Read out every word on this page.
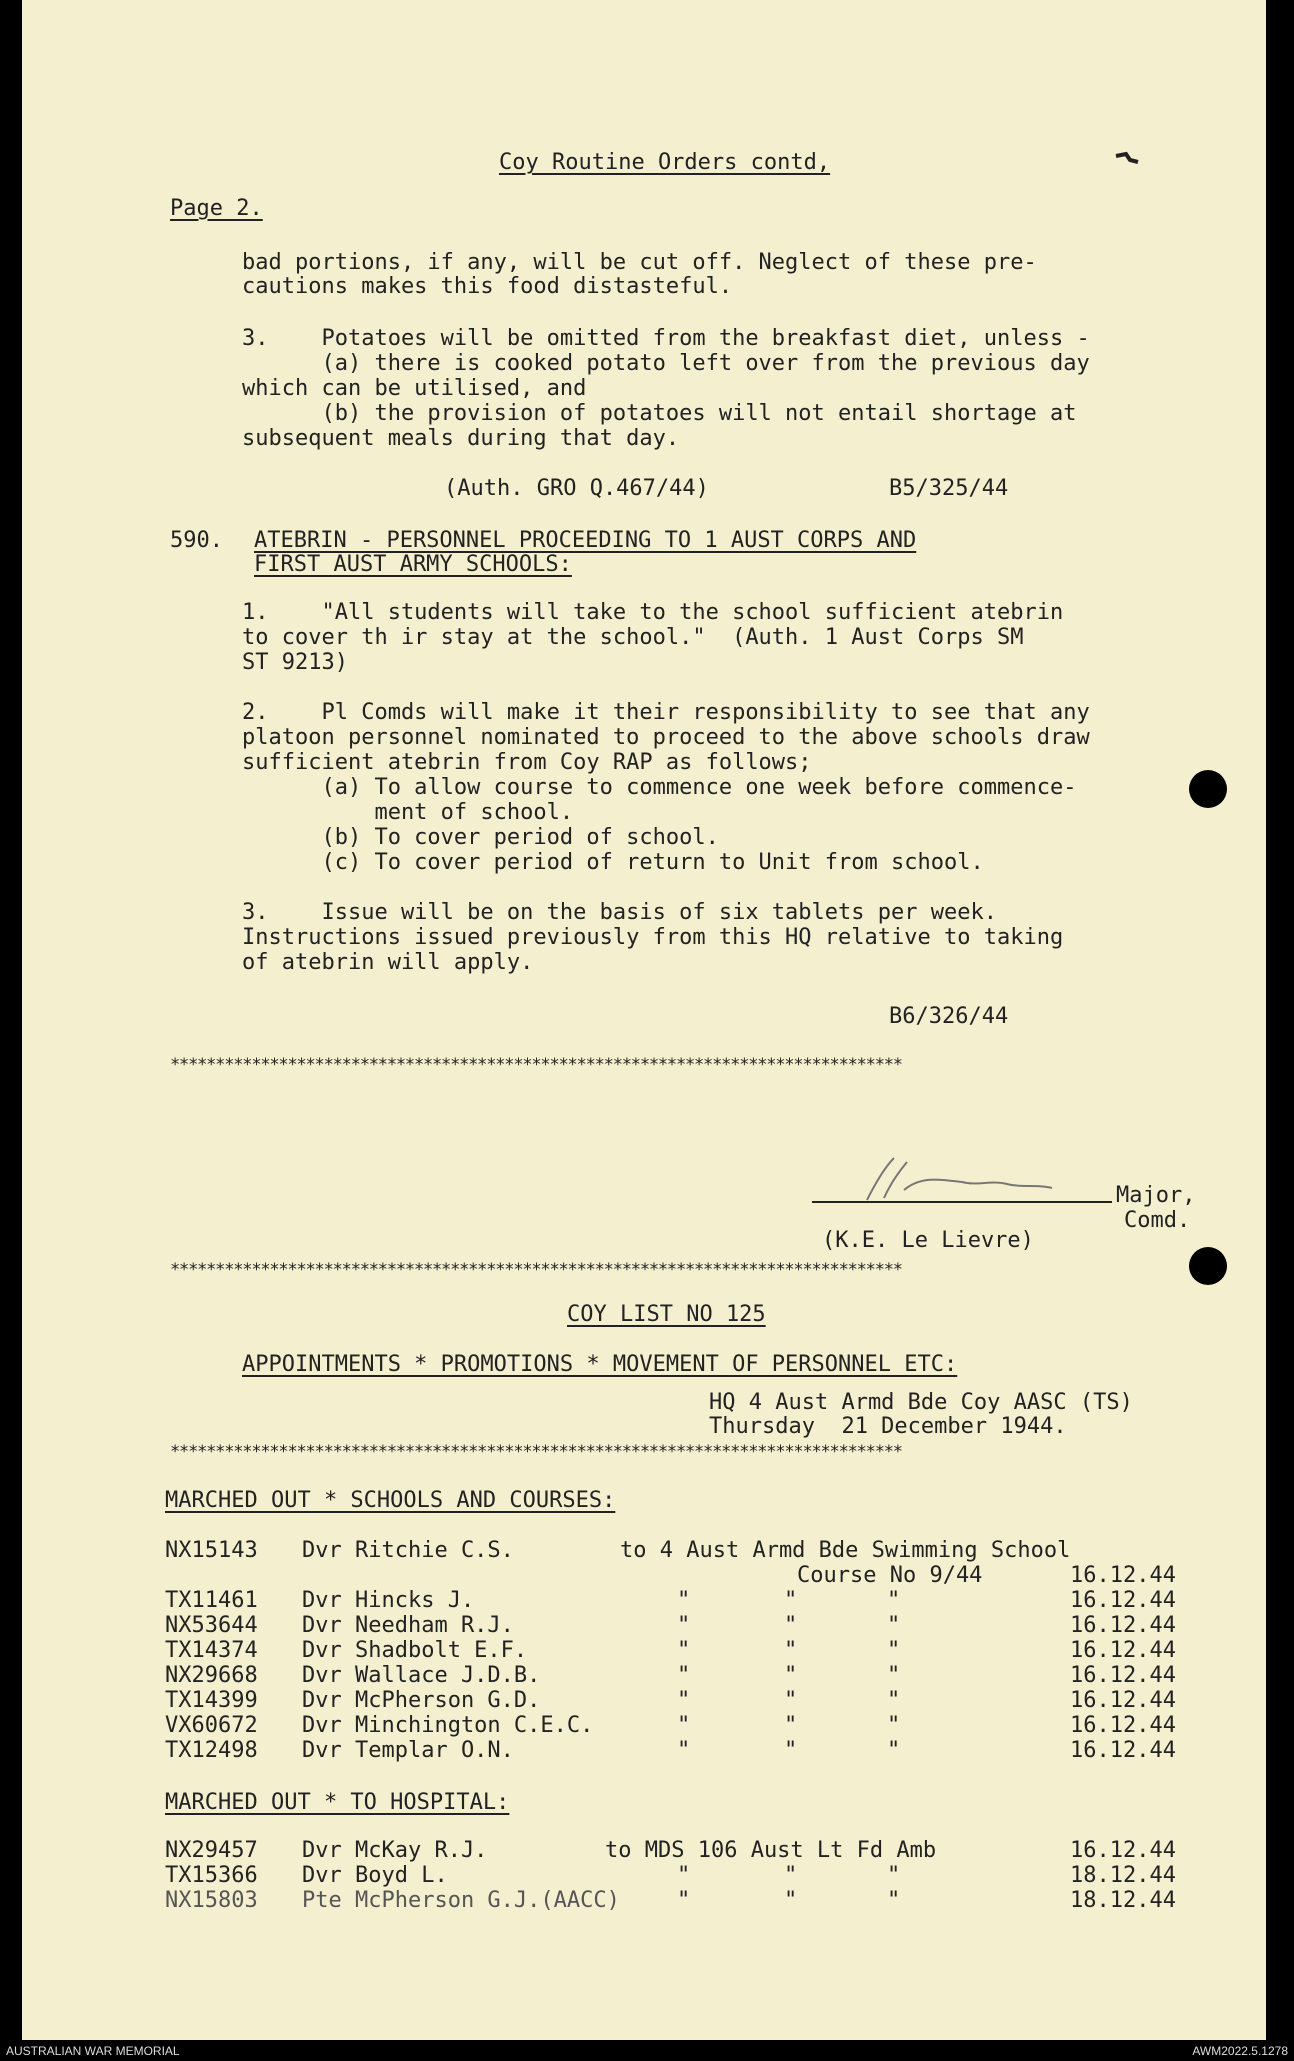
Coy Routine Orders contd,
Page 2.
bad portions, if any, will be cut off. Neglect of these pre-
cautions makes this food distasteful.
3.    Potatoes will be omitted from the breakfast diet, unless -
(a) there is cooked potato left over from the previous day
which can be utilised, and
(b) the provision of potatoes will not entail shortage at
subsequent meals during that day.
(Auth. GRO Q.467/44)	B5/325/44
590. ATEBRIN - PERSONNEL PROCEEDING TO 1 AUST CORPS AND
FIRST AUST ARMY SCHOOLS:
1.    "All students will take to the school sufficient atebrin
to cover th ir stay at the school."  (Auth. 1 Aust Corps SM
ST 9213)
2.    Pl Comds will make it their responsibility to see that any
platoon personnel nominated to proceed to the above schools draw
sufficient atebrin from Coy RAP as follows;
(a) To allow course to commence one week before commence-
ment of school.
(b) To cover period of school.
(c) To cover period of return to Unit from school.
3.    Issue will be on the basis of six tablets per week.
Instructions issued previously from this HQ relative to taking
of atebrin will apply.
B6/326/44
*********************************************************************************
Major,
Comd.
(K.E. Le Lievre)
*********************************************************************************
COY LIST NO 125
APPOINTMENTS * PROMOTIONS * MOVEMENT OF PERSONNEL ETC:
HQ 4 Aust Armd Bde Coy AASC (TS)
Thursday  21 December 1944.
*********************************************************************************
MARCHED OUT * SCHOOLS AND COURSES:
NX15143 Dvr Ritchie C.S.	to 4 Aust Armd Bde Swimming School
Course No 9/44	16.12.44
TX11461 Dvr Hincks J.	"	"	"	16.12.44
NX53644 Dvr Needham R.J.	"	"	"	16.12.44
TX14374 Dvr Shadbolt E.F.	"	"	"	16.12.44
NX29668 Dvr Wallace J.D.B.	"	"	"	16.12.44
TX14399 Dvr McPherson G.D.	"	"	"	16.12.44
VX60672 Dvr Minchington C.E.C.	"	"	"	16.12.44
TX12498 Dvr Templar O.N.	"	"	"	16.12.44
MARCHED OUT * TO HOSPITAL:
NX29457 Dvr McKay R.J.	to MDS 106 Aust Lt Fd Amb	16.12.44
TX15366 Dvr Boyd L.	"	"	"	18.12.44
NX15803 Pte McPherson G.J.(AACC)	"	"	"	18.12.44
AUSTRALIAN WAR MEMORIAL	AWM2022.5.1278
